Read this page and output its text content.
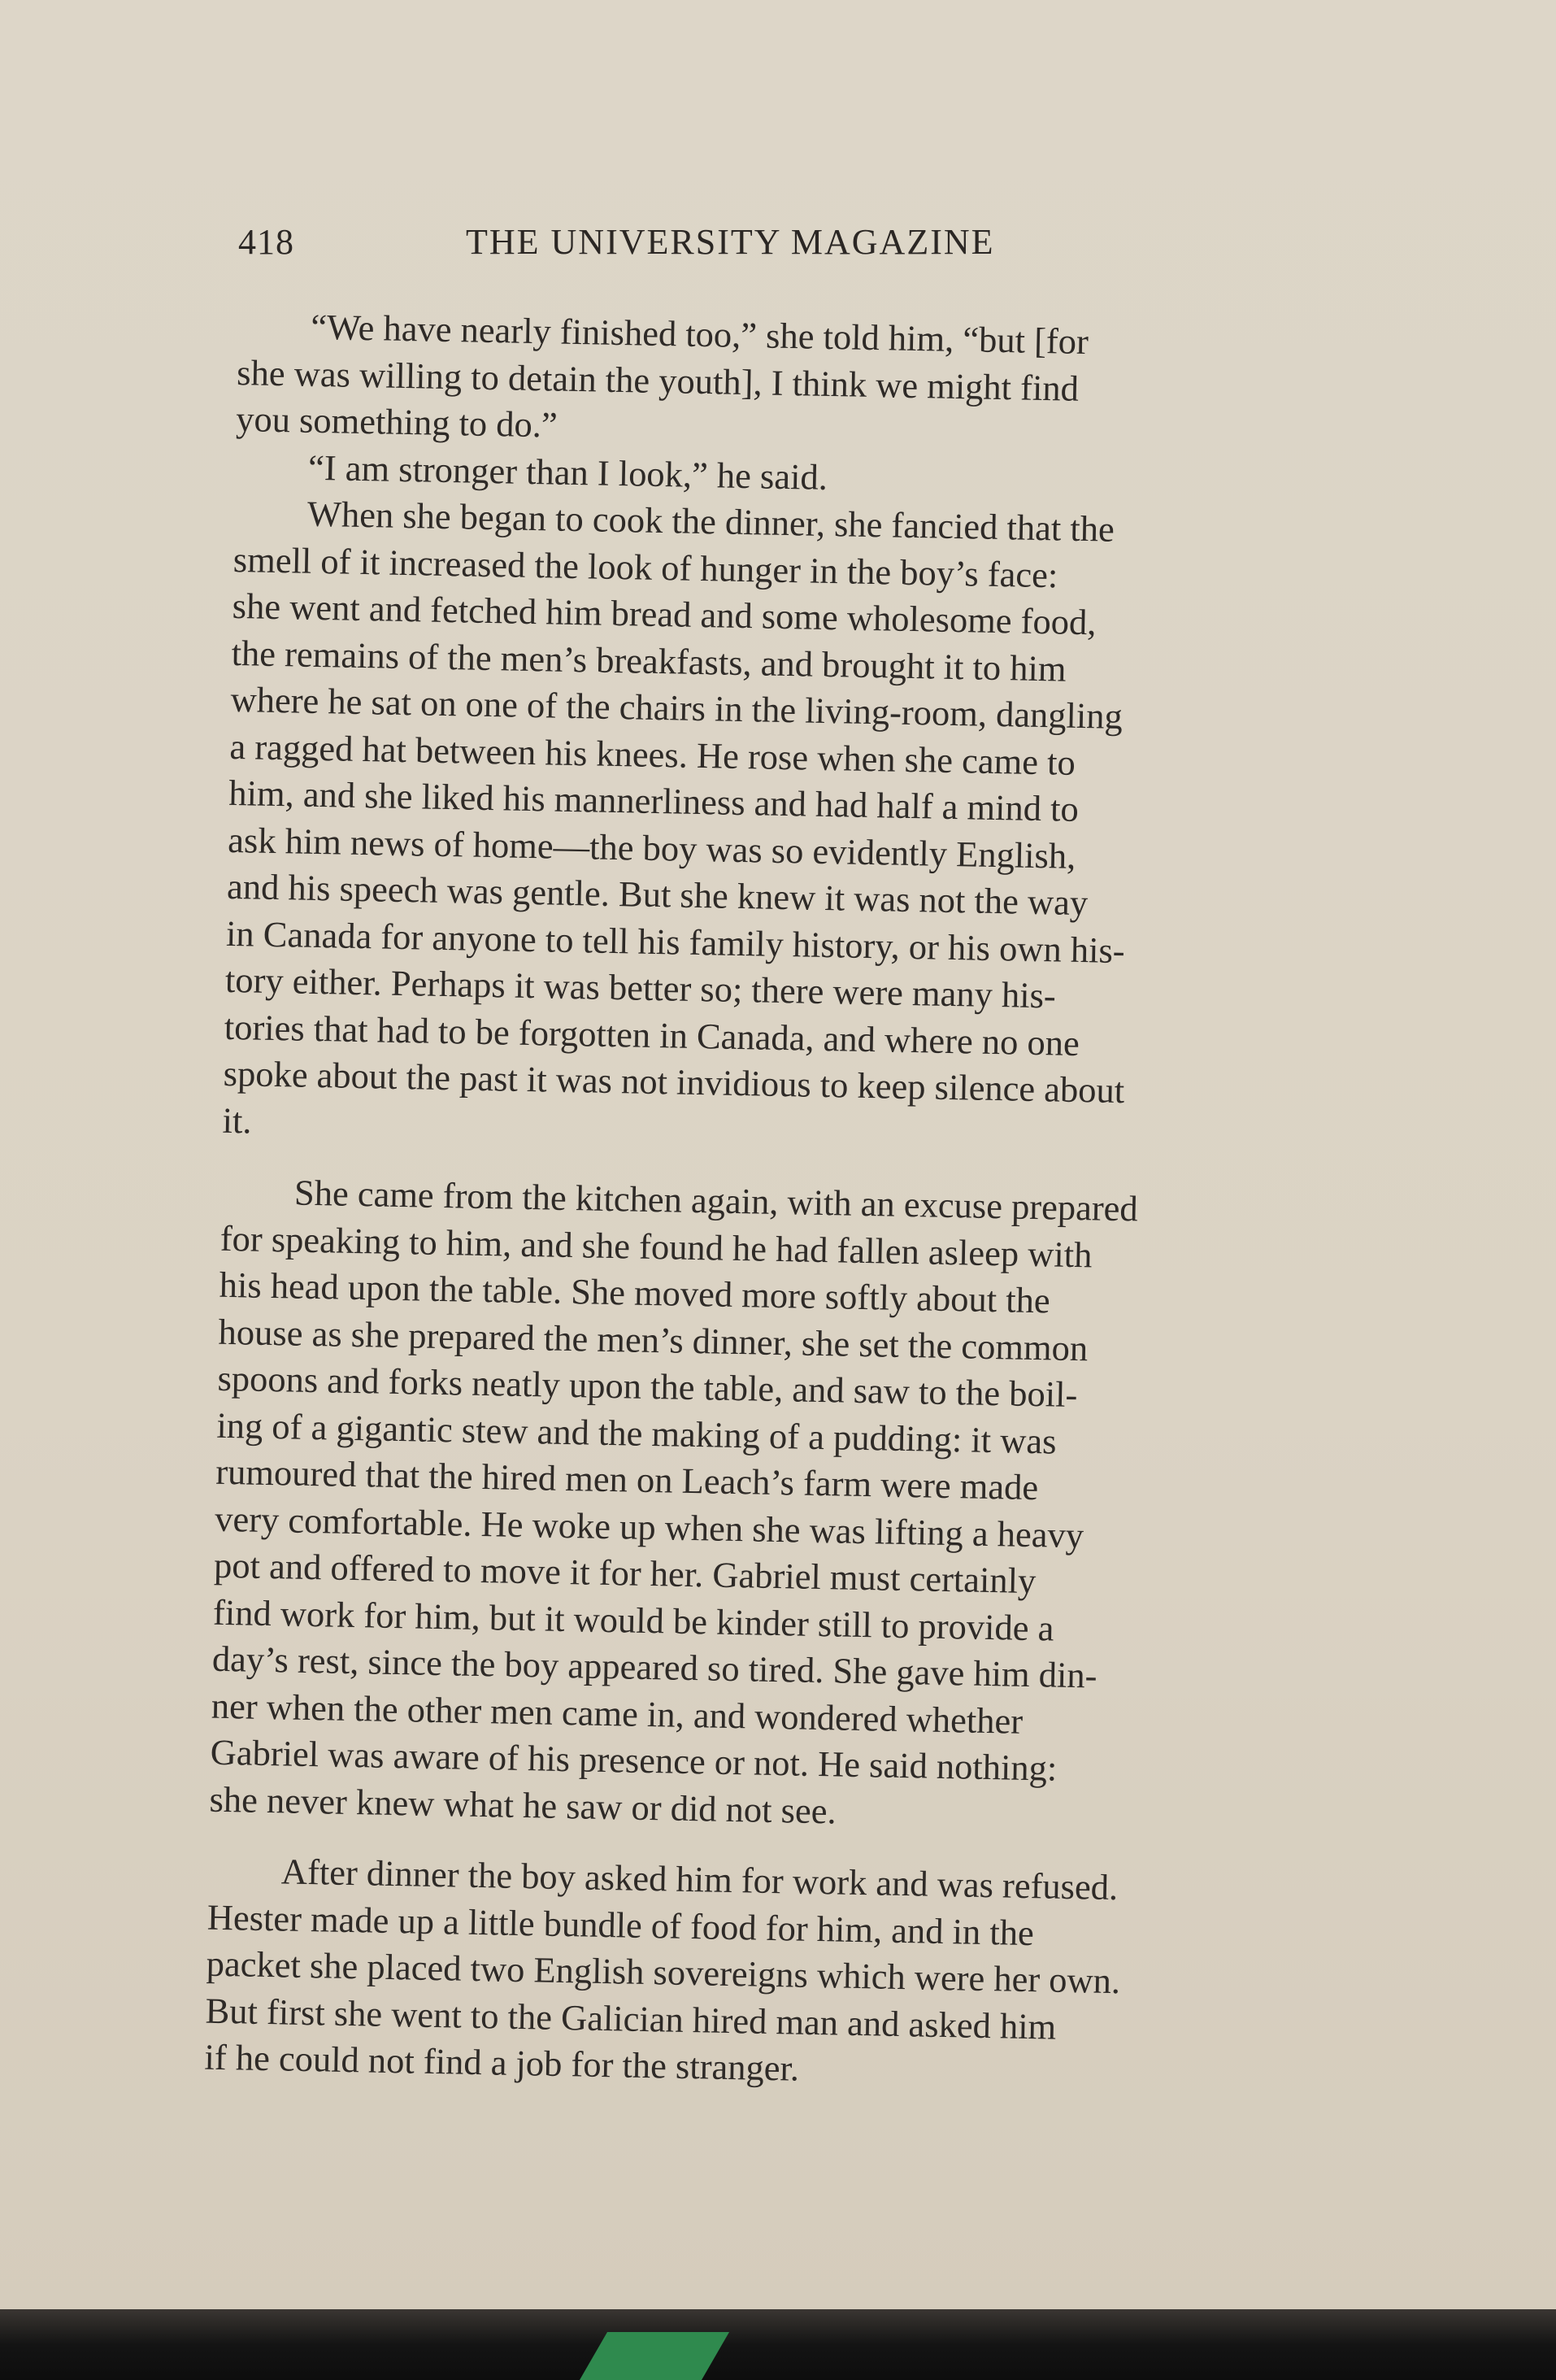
418	THE UNIVERSITY MAGAZINE

“We have nearly finished too,” she told him, “but [for
she was willing to detain the youth], I think we might find
you something to do.”

“I am stronger than I look,” he said.

When she began to cook the dinner, she fancied that the
smell of it increased the look of hunger in the boy’s face:
she went and fetched him bread and some wholesome food,
the remains of the men’s breakfasts, and brought it to him
where he sat on one of the chairs in the living-room, dangling
a ragged hat between his knees. He rose when she came to
him, and she liked his mannerliness and had half a mind to
ask him news of home—the boy was so evidently English,
and his speech was gentle. But she knew it was not the way
in Canada for anyone to tell his family history, or his own his-
tory either. Perhaps it was better so; there were many his-
tories that had to be forgotten in Canada, and where no one
spoke about the past it was not invidious to keep silence about
it.

She came from the kitchen again, with an excuse prepared
for speaking to him, and she found he had fallen asleep with
his head upon the table. She moved more softly about the
house as she prepared the men’s dinner, she set the common
spoons and forks neatly upon the table, and saw to the boil-
ing of a gigantic stew and the making of a pudding: it was
rumoured that the hired men on Leach’s farm were made
very comfortable. He woke up when she was lifting a heavy
pot and offered to move it for her. Gabriel must certainly
find work for him, but it would be kinder still to provide a
day’s rest, since the boy appeared so tired. She gave him din-
ner when the other men came in, and wondered whether
Gabriel was aware of his presence or not. He said nothing:
she never knew what he saw or did not see.

After dinner the boy asked him for work and was refused.
Hester made up a little bundle of food for him, and in the
packet she placed two English sovereigns which were her own.
But first she went to the Galician hired man and asked him
if he could not find a job for the stranger.
